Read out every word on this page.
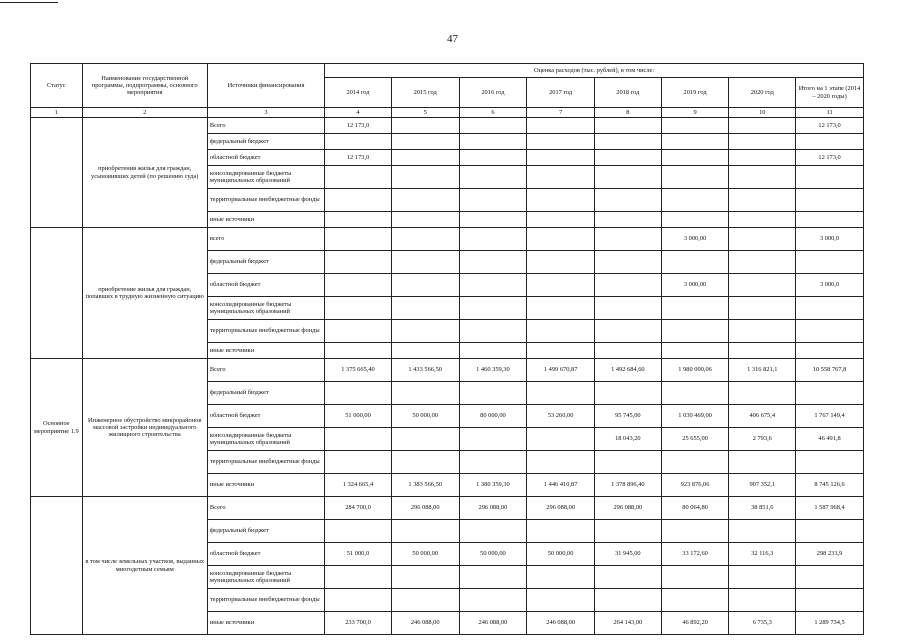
47
Статус	Наименование государственной программы, подпрограммы, основного мероприятия	Источники финансирования	Оценка расходов (тыс. рублей), в том числе:							
			2014 год	2015 год	2016 год	2017 год	2018 год	2019 год	2020 год	Итого на 1 этапе (2014 – 2020 годы)
1	2	3	4	5	6	7	8	9	10	11
	приобретения жилья для граждан, усыновивших детей (по решению суда)	Всего	12 173,0							12 173,0
		федеральный бюджет								
		областной бюджет	12 173,0							12 173,0
		консолидированные бюджеты муниципальных образований								
		территориальные внебюджетные фонды								
		иные источники								
	приобретение жилья для граждан, попавших в трудную жизненную ситуацию	всего						3 000,00		3 000,0
		федеральный бюджет								
		областной бюджет						3 000,00		3 000,0
		консолидированные бюджеты муниципальных образований								
		территориальные внебюджетные фонды								
		иные источники								
Основное мероприятие 1.9	Инженерное обустройство микрорайонов массовой застройки индивидуального жилищного строительства	Всего	1 375 665,40	1 433 566,50	1 460 359,30	1 499 670,87	1 492 684,60	1 980 000,06	1 316 821,1	10 558 767,8
		федеральный бюджет								
		областной бюджет	51 000,00	50 000,00	80 000,00	53 260,00	95 745,00	1 030 469,00	406 675,4	1 767 149,4
		консолидированные бюджеты муниципальных образований					18 043,20	25 655,00	2 793,6	46 491,8
		территориальные внебюджетные фонды								
		иные источники	1 324 665,4	1 383 566,50	1 380 359,30	1 446 410,87	1 378 896,40	923 876,06	907 352,1	8 745 126,6
	в том числе земельных участков, выданных многодетным семьям	Всего	284 700,0	296 088,00	296 088,00	296 088,00	296 088,00	80 064,80	38 851,6	1 587 968,4
		федеральный бюджет								
		областной бюджет	51 000,0	50 000,00	50 000,00	50 000,00	31 945,00	33 172,60	32 116,3	298 233,9
		консолидированные бюджеты муниципальных образований								
		территориальные внебюджетные фонды								
		иные источники	233 700,0	246 088,00	246 088,00	246 088,00	264 143,00	46 892,20	6 735,3	1 289 734,5
